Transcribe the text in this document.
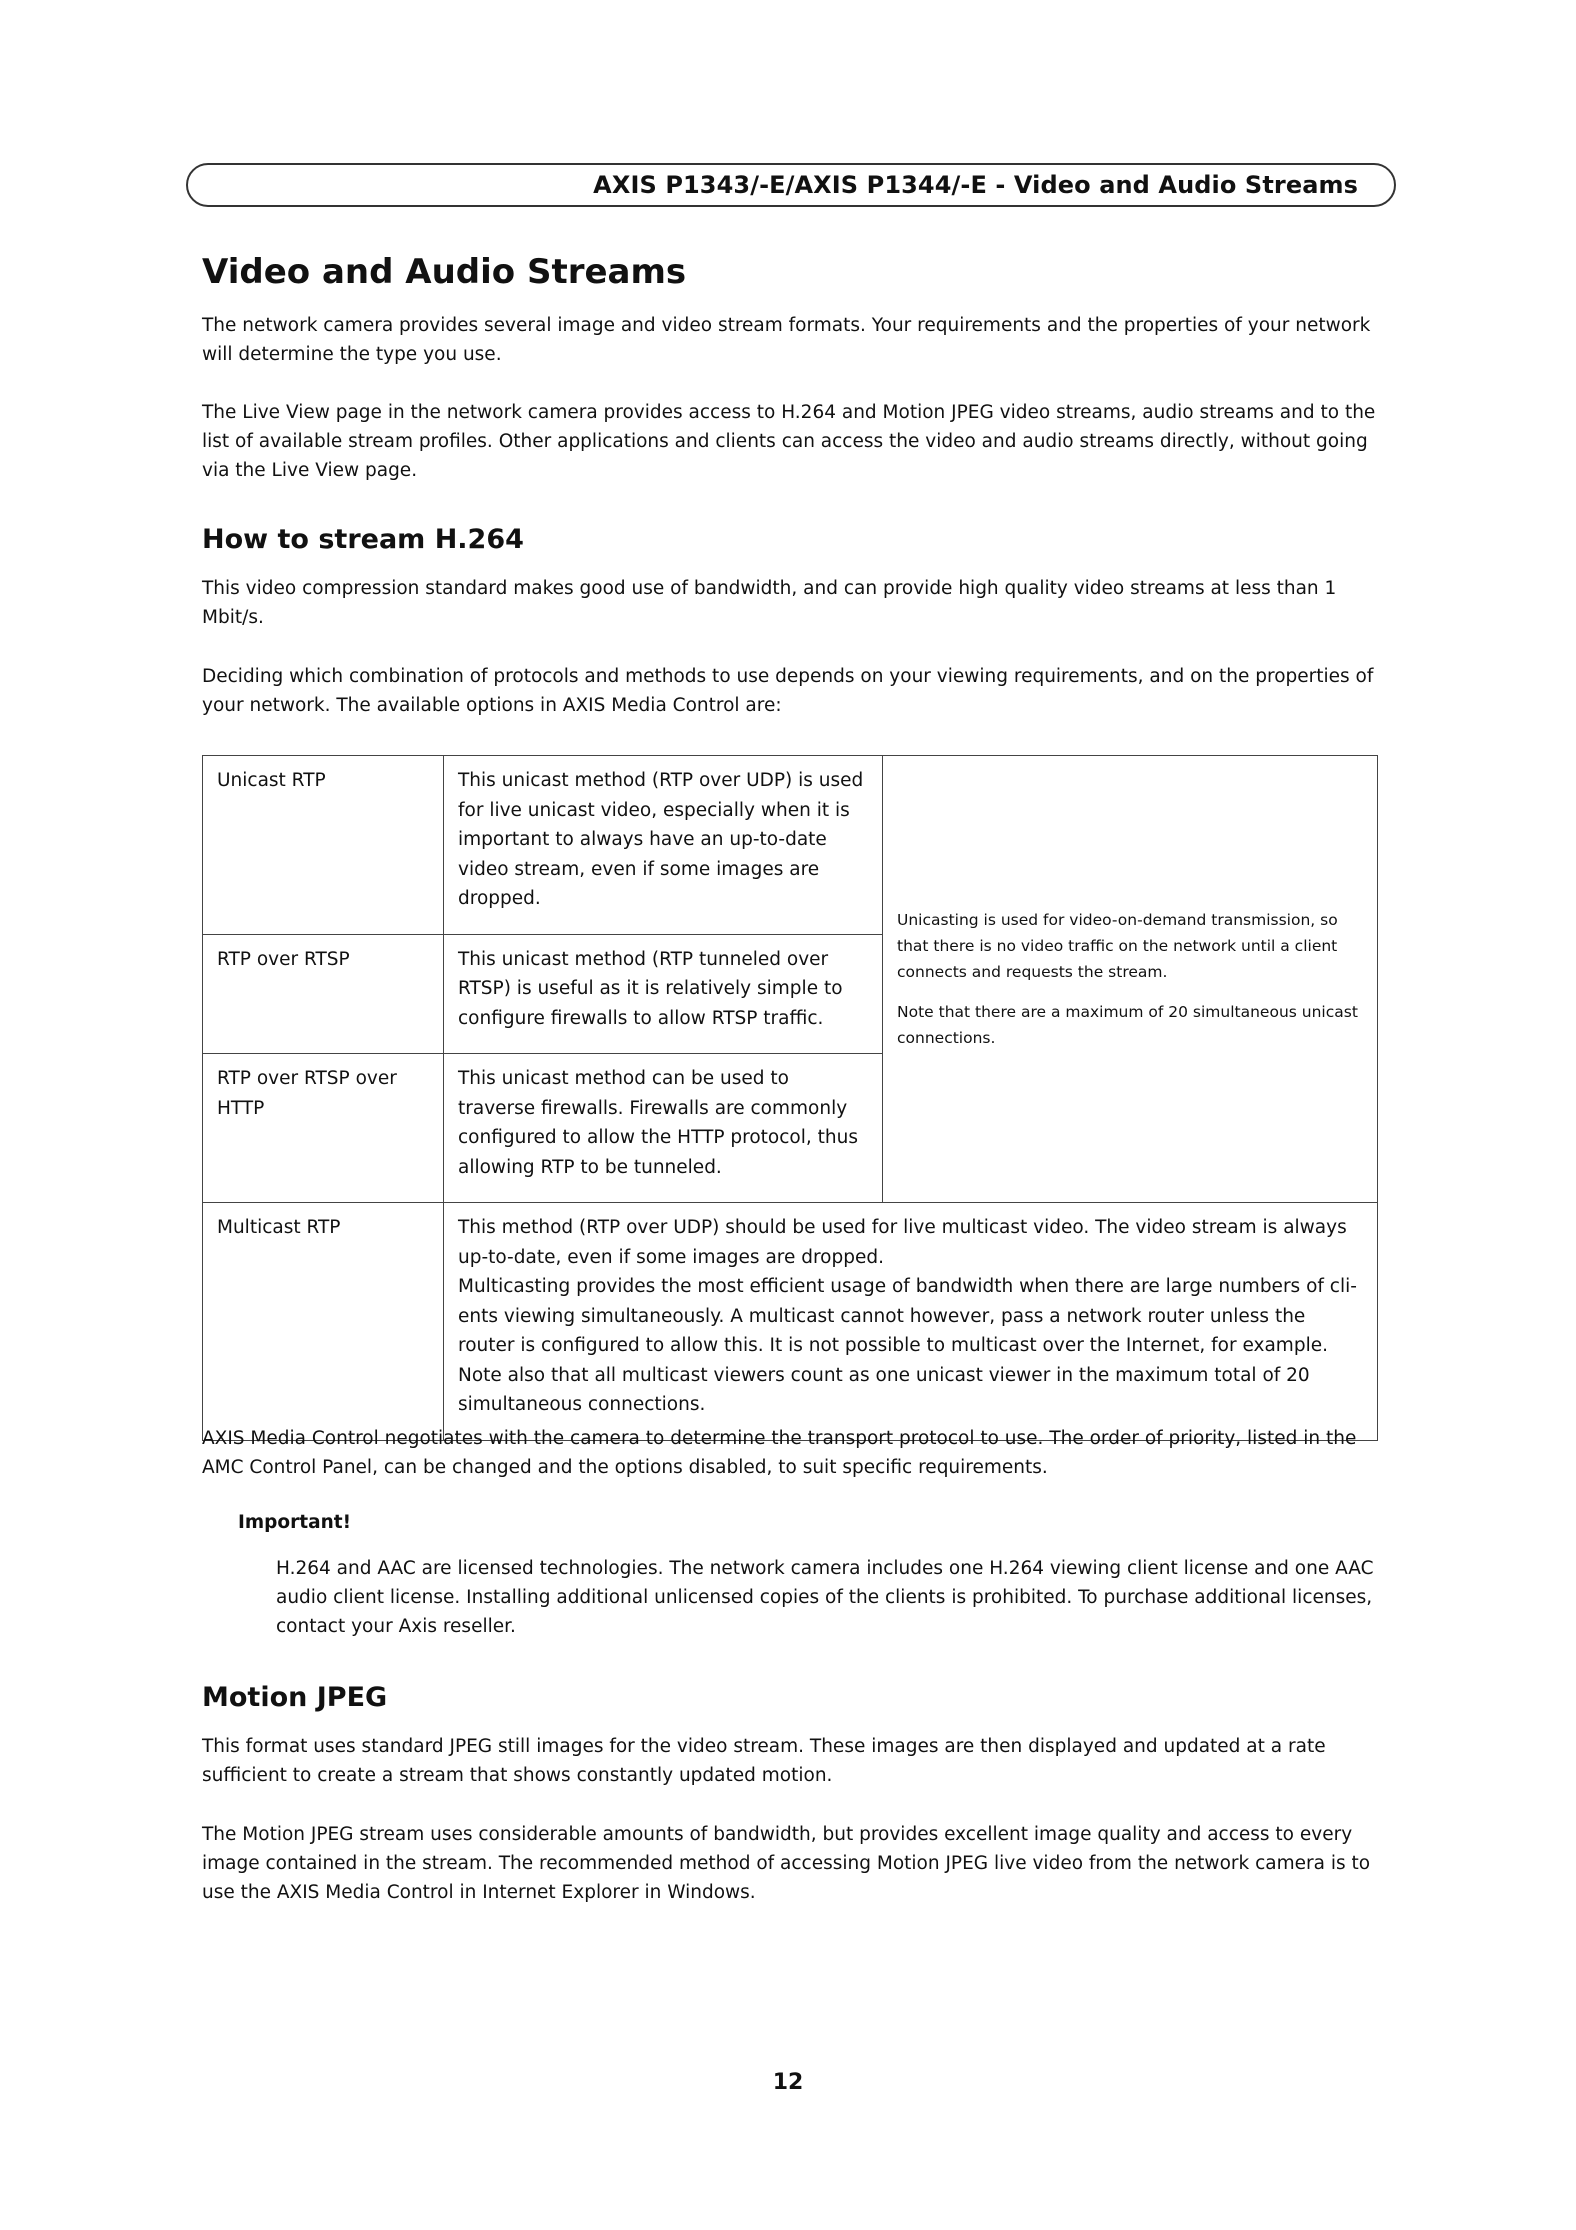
AXIS P1343/-E/AXIS P1344/-E - Video and Audio Streams
Video and Audio Streams

The network camera provides several image and video stream formats. Your requirements and the properties of your network will determine the type you use.

The Live View page in the network camera provides access to H.264 and Motion JPEG video streams, audio streams and to the list of available stream profiles. Other applications and clients can access the video and audio streams directly, without going via the Live View page.

How to stream H.264

This video compression standard makes good use of bandwidth, and can provide high quality video streams at less than 1 Mbit/s.

Deciding which combination of protocols and methods to use depends on your viewing requirements, and on the properties of your network. The available options in AXIS Media Control are:

Unicast RTP	This unicast method (RTP over UDP) is used for live unicast video, especially when it is important to always have an up-to-date video stream, even if some images are dropped.	Unicasting is used for video-on-demand transmission, so that there is no video traffic on the network until a client connects and requests the stream.
Note that there are a maximum of 20 simultaneous unicast connections.

RTP over RTSP	This unicast method (RTP tunneled over RTSP) is useful as it is relatively simple to configure firewalls to allow RTSP traffic.	
RTP over RTSP over HTTP	This unicast method can be used to traverse firewalls. Firewalls are commonly configured to allow the HTTP protocol, thus allowing RTP to be tunneled.	
Multicast RTP	This method (RTP over UDP) should be used for live multicast video. The video stream is always up-to-date, even if some images are dropped.
Multicasting provides the most efficient usage of bandwidth when there are large numbers of cli- ents viewing simultaneously. A multicast cannot however, pass a network router unless the router is configured to allow this. It is not possible to multicast over the Internet, for example. Note also that all multicast viewers count as one unicast viewer in the maximum total of 20 simultaneous connections.	

AXIS Media Control negotiates with the camera to determine the transport protocol to use. The order of priority, listed in the AMC Control Panel, can be changed and the options disabled, to suit specific requirements.

Important!

H.264 and AAC are licensed technologies. The network camera includes one H.264 viewing client license and one AAC audio client license. Installing additional unlicensed copies of the clients is prohibited. To purchase additional licenses, contact your Axis reseller.

Motion JPEG

This format uses standard JPEG still images for the video stream. These images are then displayed and updated at a rate sufficient to create a stream that shows constantly updated motion.

The Motion JPEG stream uses considerable amounts of bandwidth, but provides excellent image quality and access to every image contained in the stream. The recommended method of accessing Motion JPEG live video from the network camera is to use the AXIS Media Control in Internet Explorer in Windows.

12
